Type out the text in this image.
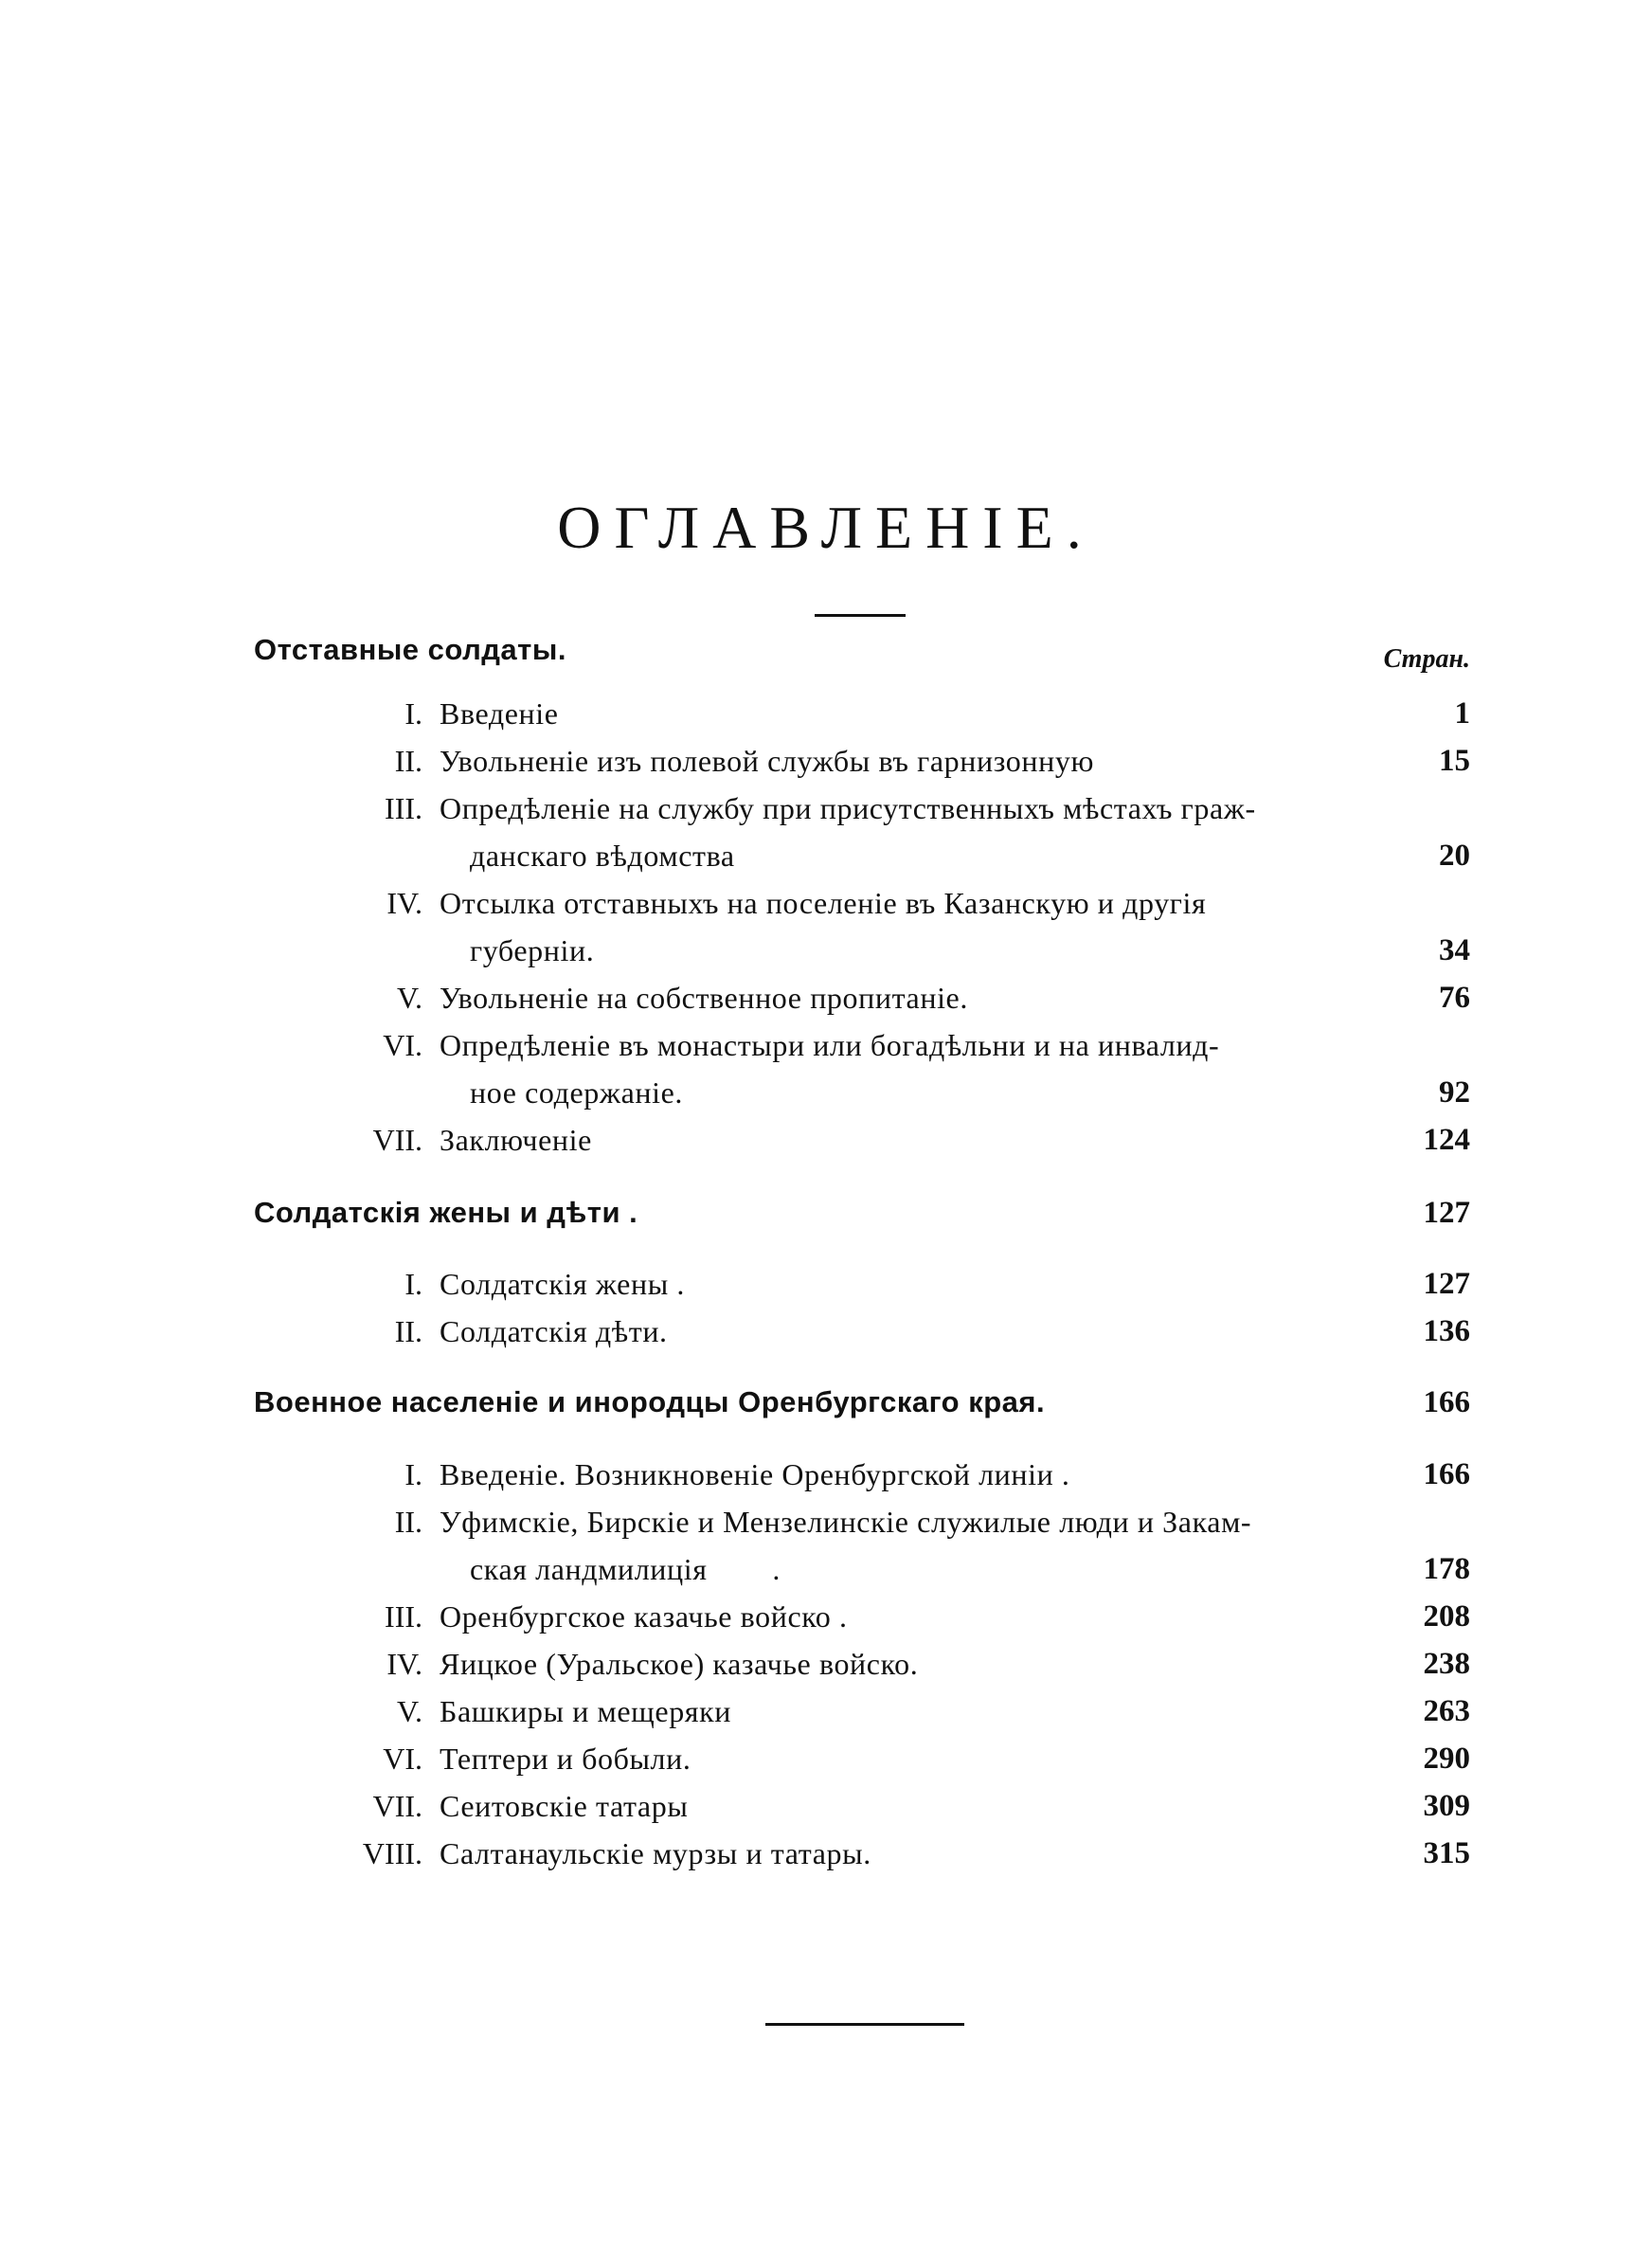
ОГЛАВЛЕНІЕ.
Стран.
Отставные солдаты.
I. Введеніе	1
II. Увольненіе изъ полевой службы въ гарнизонную	15
III. Опредѣленіе на службу при присутственныхъ мѣстахъ граж-
данскаго вѣдомства	20
IV. Отсылка отставныхъ на поселеніе въ Казанскую и другія
губерніи.	34
V. Увольненіе на собственное пропитаніе.	76
VI. Опредѣленіе въ монастыри или богадѣльни и на инвалид-
ное содержаніе.	92
VII. Заключеніе	124
Солдатскія жены и дѣти .	127
I. Солдатскія жены .	127
II. Солдатскія дѣти.	136
Военное населеніе и инородцы Оренбургскаго края.	166
I. Введеніе. Возникновеніе Оренбургской линіи .	166
II. Уфимскіе, Бирскіе и Мензелинскіе служилые люди и Закам-
ская ландмилиція        .	178
III. Оренбургское казачье войско .	208
IV. Яицкое (Уральское) казачье войско.	238
V. Башкиры и мещеряки	263
VI. Тептери и бобыли.	290
VII. Сеитовскіе татары	309
VIII. Салтанаульскіе мурзы и татары.	315
